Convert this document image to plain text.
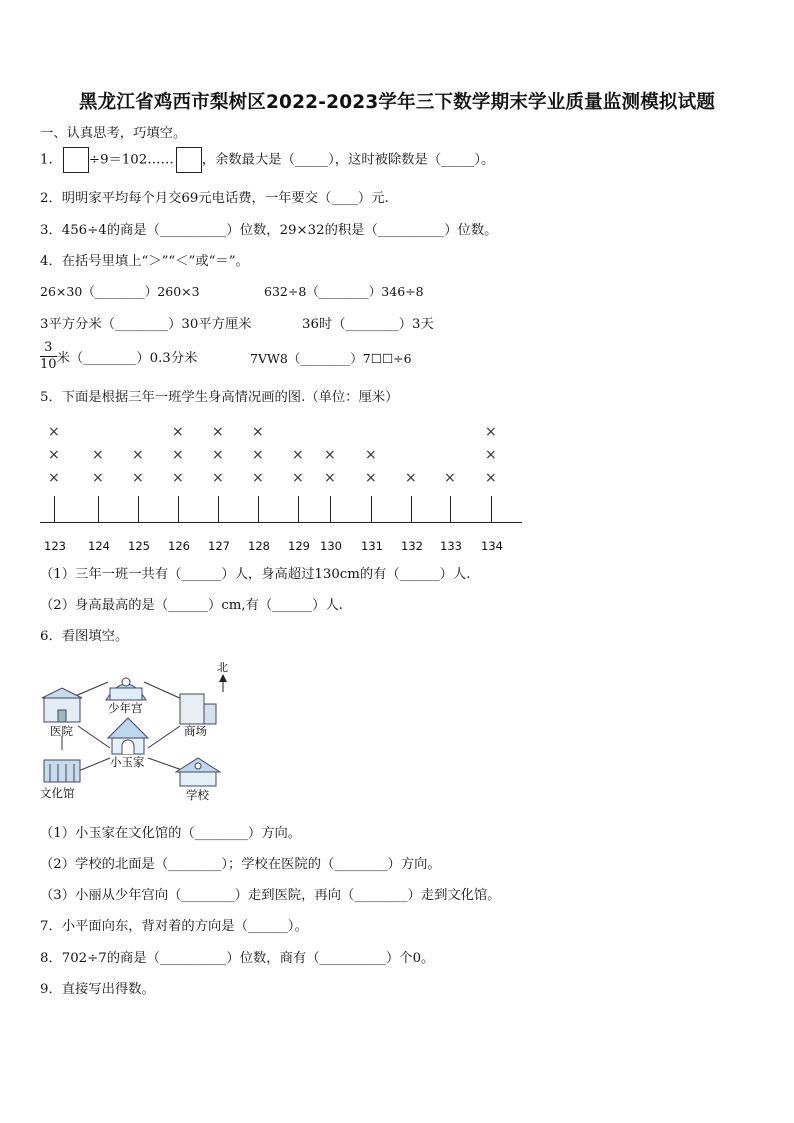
黑龙江省鸡西市梨树区2022-2023学年三下数学期末学业质量监测模拟试题
一、认真思考，巧填空。
1.	÷9＝102…… ，余数最大是（_____），这时被除数是（_____）。
2．明明家平均每个月交69元电话费，一年要交（____）元.
3．456÷4的商是（__________）位数，29×32的积是（__________）位数。
4．在括号里填上“＞”“＜”或“＝”。
26×30（________）260×3	632÷8（________）346÷8
3平方分米（________）30平方厘米	36时（________）3天
$\frac{3}{10}$ 米（________）0.3分米	7VW8（________）7☐☐÷6
5．下面是根据三年一班学生身高情况画的图.（单位：厘米）
123
×
×
×
124
×
×
125
×
×
126
×
×
×
127
×
×
×
128
×
×
×
129
×
×
130
×
×
131
×
×
132
×
133
×
134
×
×
×
（1）三年一班一共有（______）人，身高超过130cm的有（______）人.
（2）身高最高的是（______）cm,有（______）人.
6．看图填空。
北
少年宫
医院	商场
小玉家
文化馆	学校
（1）小玉家在文化馆的（________）方向。
（2）学校的北面是（________）；学校在医院的（________）方向。
（3）小丽从少年宫向（________）走到医院，再向（________）走到文化馆。
7．小平面向东，背对着的方向是（______）。
8．702÷7的商是（__________）位数，商有（__________）个0。
9．直接写出得数。
